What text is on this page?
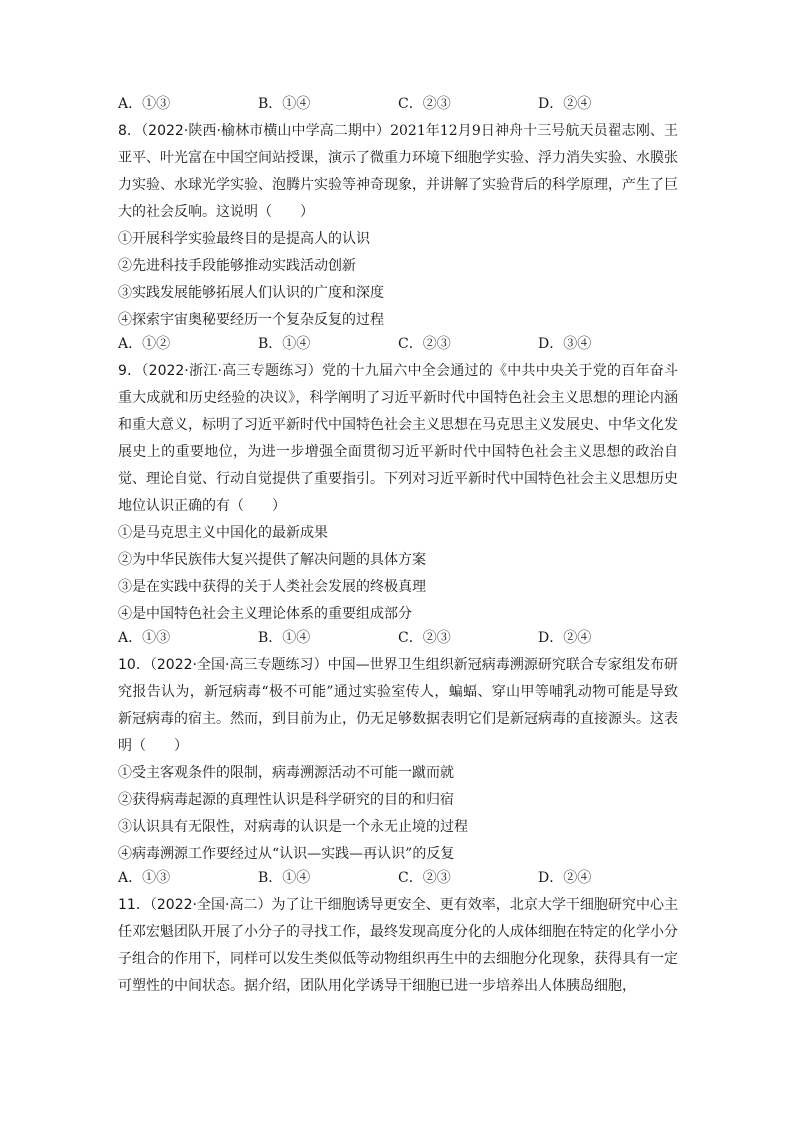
A．①③	B．①④	C．②③	D．②④
8．（2022·陕西·榆林市横山中学高二期中）2021年12月9日神舟十三号航天员翟志刚、王亚平、叶光富在中国空间站授课，演示了微重力环境下细胞学实验、浮力消失实验、水膜张力实验、水球光学实验、泡腾片实验等神奇现象，并讲解了实验背后的科学原理，产生了巨大的社会反响。这说明（　　）

①开展科学实验最终目的是提高人的认识

②先进科技手段能够推动实践活动创新

③实践发展能够拓展人们认识的广度和深度

④探索宇宙奥秘要经历一个复杂反复的过程

A．①②	B．①④	C．②③	D．③④
9．（2022·浙江·高三专题练习）党的十九届六中全会通过的《中共中央关于党的百年奋斗重大成就和历史经验的决议》，科学阐明了习近平新时代中国特色社会主义思想的理论内涵和重大意义，标明了习近平新时代中国特色社会主义思想在马克思主义发展史、中华文化发展史上的重要地位，为进一步增强全面贯彻习近平新时代中国特色社会主义思想的政治自觉、理论自觉、行动自觉提供了重要指引。下列对习近平新时代中国特色社会主义思想历史地位认识正确的有（　　）

①是马克思主义中国化的最新成果

②为中华民族伟大复兴提供了解决问题的具体方案

③是在实践中获得的关于人类社会发展的终极真理

④是中国特色社会主义理论体系的重要组成部分

A．①③	B．①④	C．②③	D．②④
10．（2022·全国·高三专题练习）中国—世界卫生组织新冠病毒溯源研究联合专家组发布研究报告认为，新冠病毒“极不可能”通过实验室传人，蝙蝠、穿山甲等哺乳动物可能是导致新冠病毒的宿主。然而，到目前为止，仍无足够数据表明它们是新冠病毒的直接源头。这表明（　　）

①受主客观条件的限制，病毒溯源活动不可能一蹴而就

②获得病毒起源的真理性认识是科学研究的目的和归宿

③认识具有无限性，对病毒的认识是一个永无止境的过程

④病毒溯源工作要经过从“认识—实践—再认识”的反复

A．①③	B．①④	C．②③	D．②④
11．（2022·全国·高二）为了让干细胞诱导更安全、更有效率，北京大学干细胞研究中心主任邓宏魁团队开展了小分子的寻找工作，最终发现高度分化的人成体细胞在特定的化学小分子组合的作用下，同样可以发生类似低等动物组织再生中的去细胞分化现象，获得具有一定可塑性的中间状态。据介绍，团队用化学诱导干细胞已进一步培养出人体胰岛细胞，
